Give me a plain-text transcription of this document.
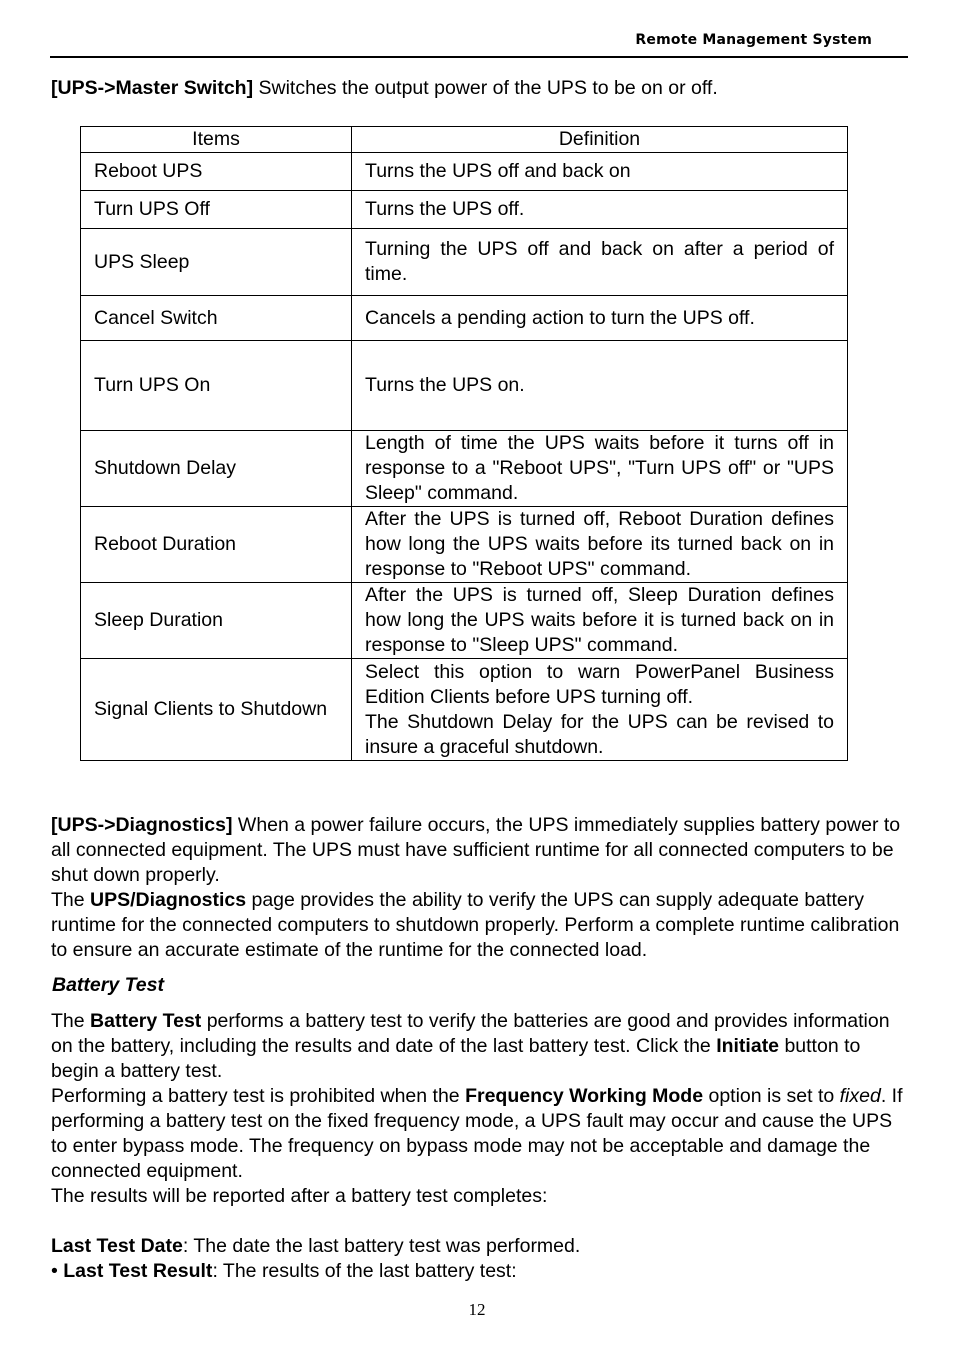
Remote Management System

[UPS->Master Switch] Switches the output power of the UPS to be on or off.

Items	Definition
Reboot UPS	Turns the UPS off and back on
Turn UPS Off	Turns the UPS off.
UPS Sleep	Turning the UPS off and back on after a period of time.
Cancel Switch	Cancels a pending action to turn the UPS off.
Turn UPS On	Turns the UPS on.
Shutdown Delay	Length of time the UPS waits before it turns off in response to a "Reboot UPS", "Turn UPS off" or "UPS Sleep" command.
Reboot Duration	After the UPS is turned off, Reboot Duration defines how long the UPS waits before its turned back on in response to "Reboot UPS" command.
Sleep Duration	After the UPS is turned off, Sleep Duration defines how long the UPS waits before it is turned back on in response to "Sleep UPS" command.
Signal Clients to Shutdown	Select this option to warn PowerPanel Business Edition Clients before UPS turning off.
The Shutdown Delay for the UPS can be revised to insure a graceful shutdown.

[UPS->Diagnostics] When a power failure occurs, the UPS immediately supplies battery power to all connected equipment. The UPS must have sufficient runtime for all connected computers to be shut down properly.
The UPS/Diagnostics page provides the ability to verify the UPS can supply adequate battery runtime for the connected computers to shutdown properly. Perform a complete runtime calibration to ensure an accurate estimate of the runtime for the connected load.

Battery Test

The Battery Test performs a battery test to verify the batteries are good and provides information on the battery, including the results and date of the last battery test. Click the Initiate button to begin a battery test.
Performing a battery test is prohibited when the Frequency Working Mode option is set to fixed. If performing a battery test on the fixed frequency mode, a UPS fault may occur and cause the UPS to enter bypass mode. The frequency on bypass mode may not be acceptable and damage the connected equipment.
The results will be reported after a battery test completes:

Last Test Date: The date the last battery test was performed.
• Last Test Result: The results of the last battery test:

12
